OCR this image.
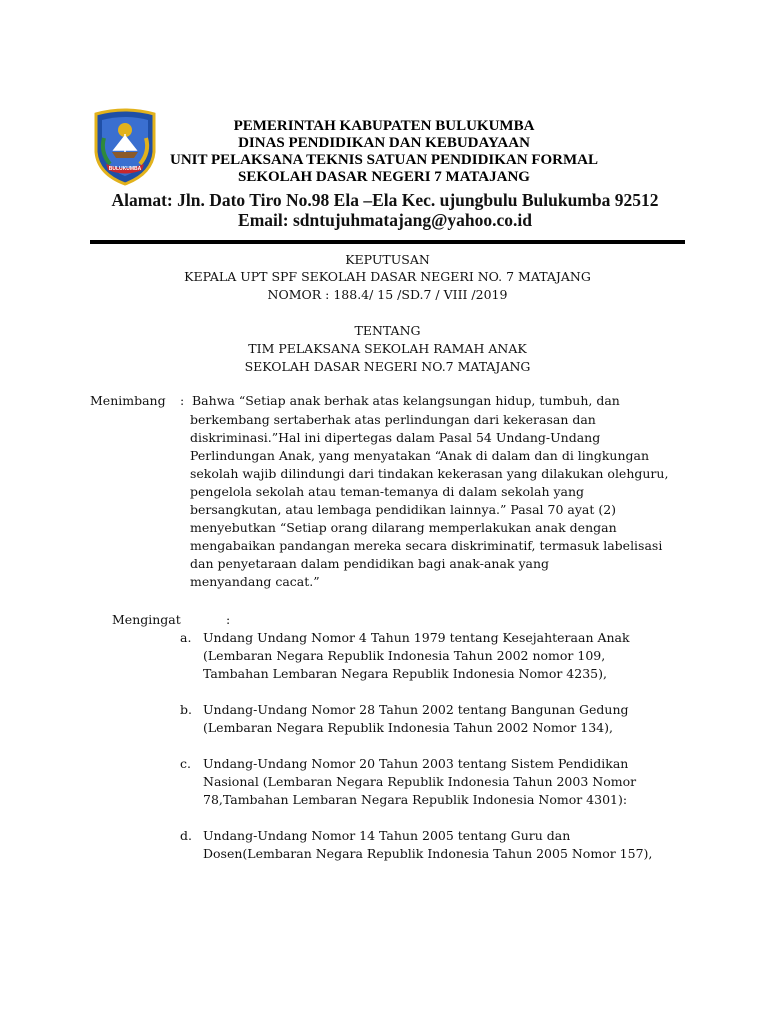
BULUKUMBA
PEMERINTAH KABUPATEN BULUKUMBA
DINAS PENDIDIKAN DAN KEBUDAYAAN
UNIT PELAKSANA TEKNIS SATUAN PENDIDIKAN FORMAL
SEKOLAH DASAR NEGERI 7 MATAJANG
Alamat: Jln. Dato Tiro No.98 Ela –Ela Kec. ujungbulu Bulukumba 92512
Email: sdntujuhmatajang@yahoo.co.id
KEPUTUSAN
KEPALA UPT SPF SEKOLAH DASAR NEGERI NO. 7 MATAJANG
NOMOR : 188.4/ 15 /SD.7 / VIII /2019
TENTANG
TIM PELAKSANA SEKOLAH RAMAH ANAK
SEKOLAH DASAR NEGERI NO.7 MATAJANG
Menimbang : Bahwa “Setiap anak berhak atas kelangsungan hidup, tumbuh, dan
berkembang sertaberhak atas perlindungan dari kekerasan dan
diskriminasi.”Hal ini dipertegas dalam Pasal 54 Undang-Undang
Perlindungan Anak, yang menyatakan “Anak di dalam dan di lingkungan
sekolah wajib dilindungi dari tindakan kekerasan yang dilakukan olehguru,
pengelola sekolah atau teman-temanya di dalam sekolah yang
bersangkutan, atau lembaga pendidikan lainnya.” Pasal 70 ayat (2)
menyebutkan “Setiap orang dilarang memperlakukan anak dengan
mengabaikan pandangan mereka secara diskriminatif, termasuk labelisasi
dan penyetaraan dalam pendidikan bagi anak-anak yang
menyandang cacat.”
Mengingat	:
a. Undang Undang Nomor 4 Tahun 1979 tentang Kesejahteraan Anak
(Lembaran Negara Republik Indonesia Tahun 2002 nomor 109,
Tambahan Lembaran Negara Republik Indonesia Nomor 4235),
b. Undang-Undang Nomor 28 Tahun 2002 tentang Bangunan Gedung
(Lembaran Negara Republik Indonesia Tahun 2002 Nomor 134),
c. Undang-Undang Nomor 20 Tahun 2003 tentang Sistem Pendidikan
Nasional (Lembaran Negara Republik Indonesia Tahun 2003 Nomor
78,Tambahan Lembaran Negara Republik Indonesia Nomor 4301):
d. Undang-Undang Nomor 14 Tahun 2005 tentang Guru dan
Dosen(Lembaran Negara Republik Indonesia Tahun 2005 Nomor 157),
